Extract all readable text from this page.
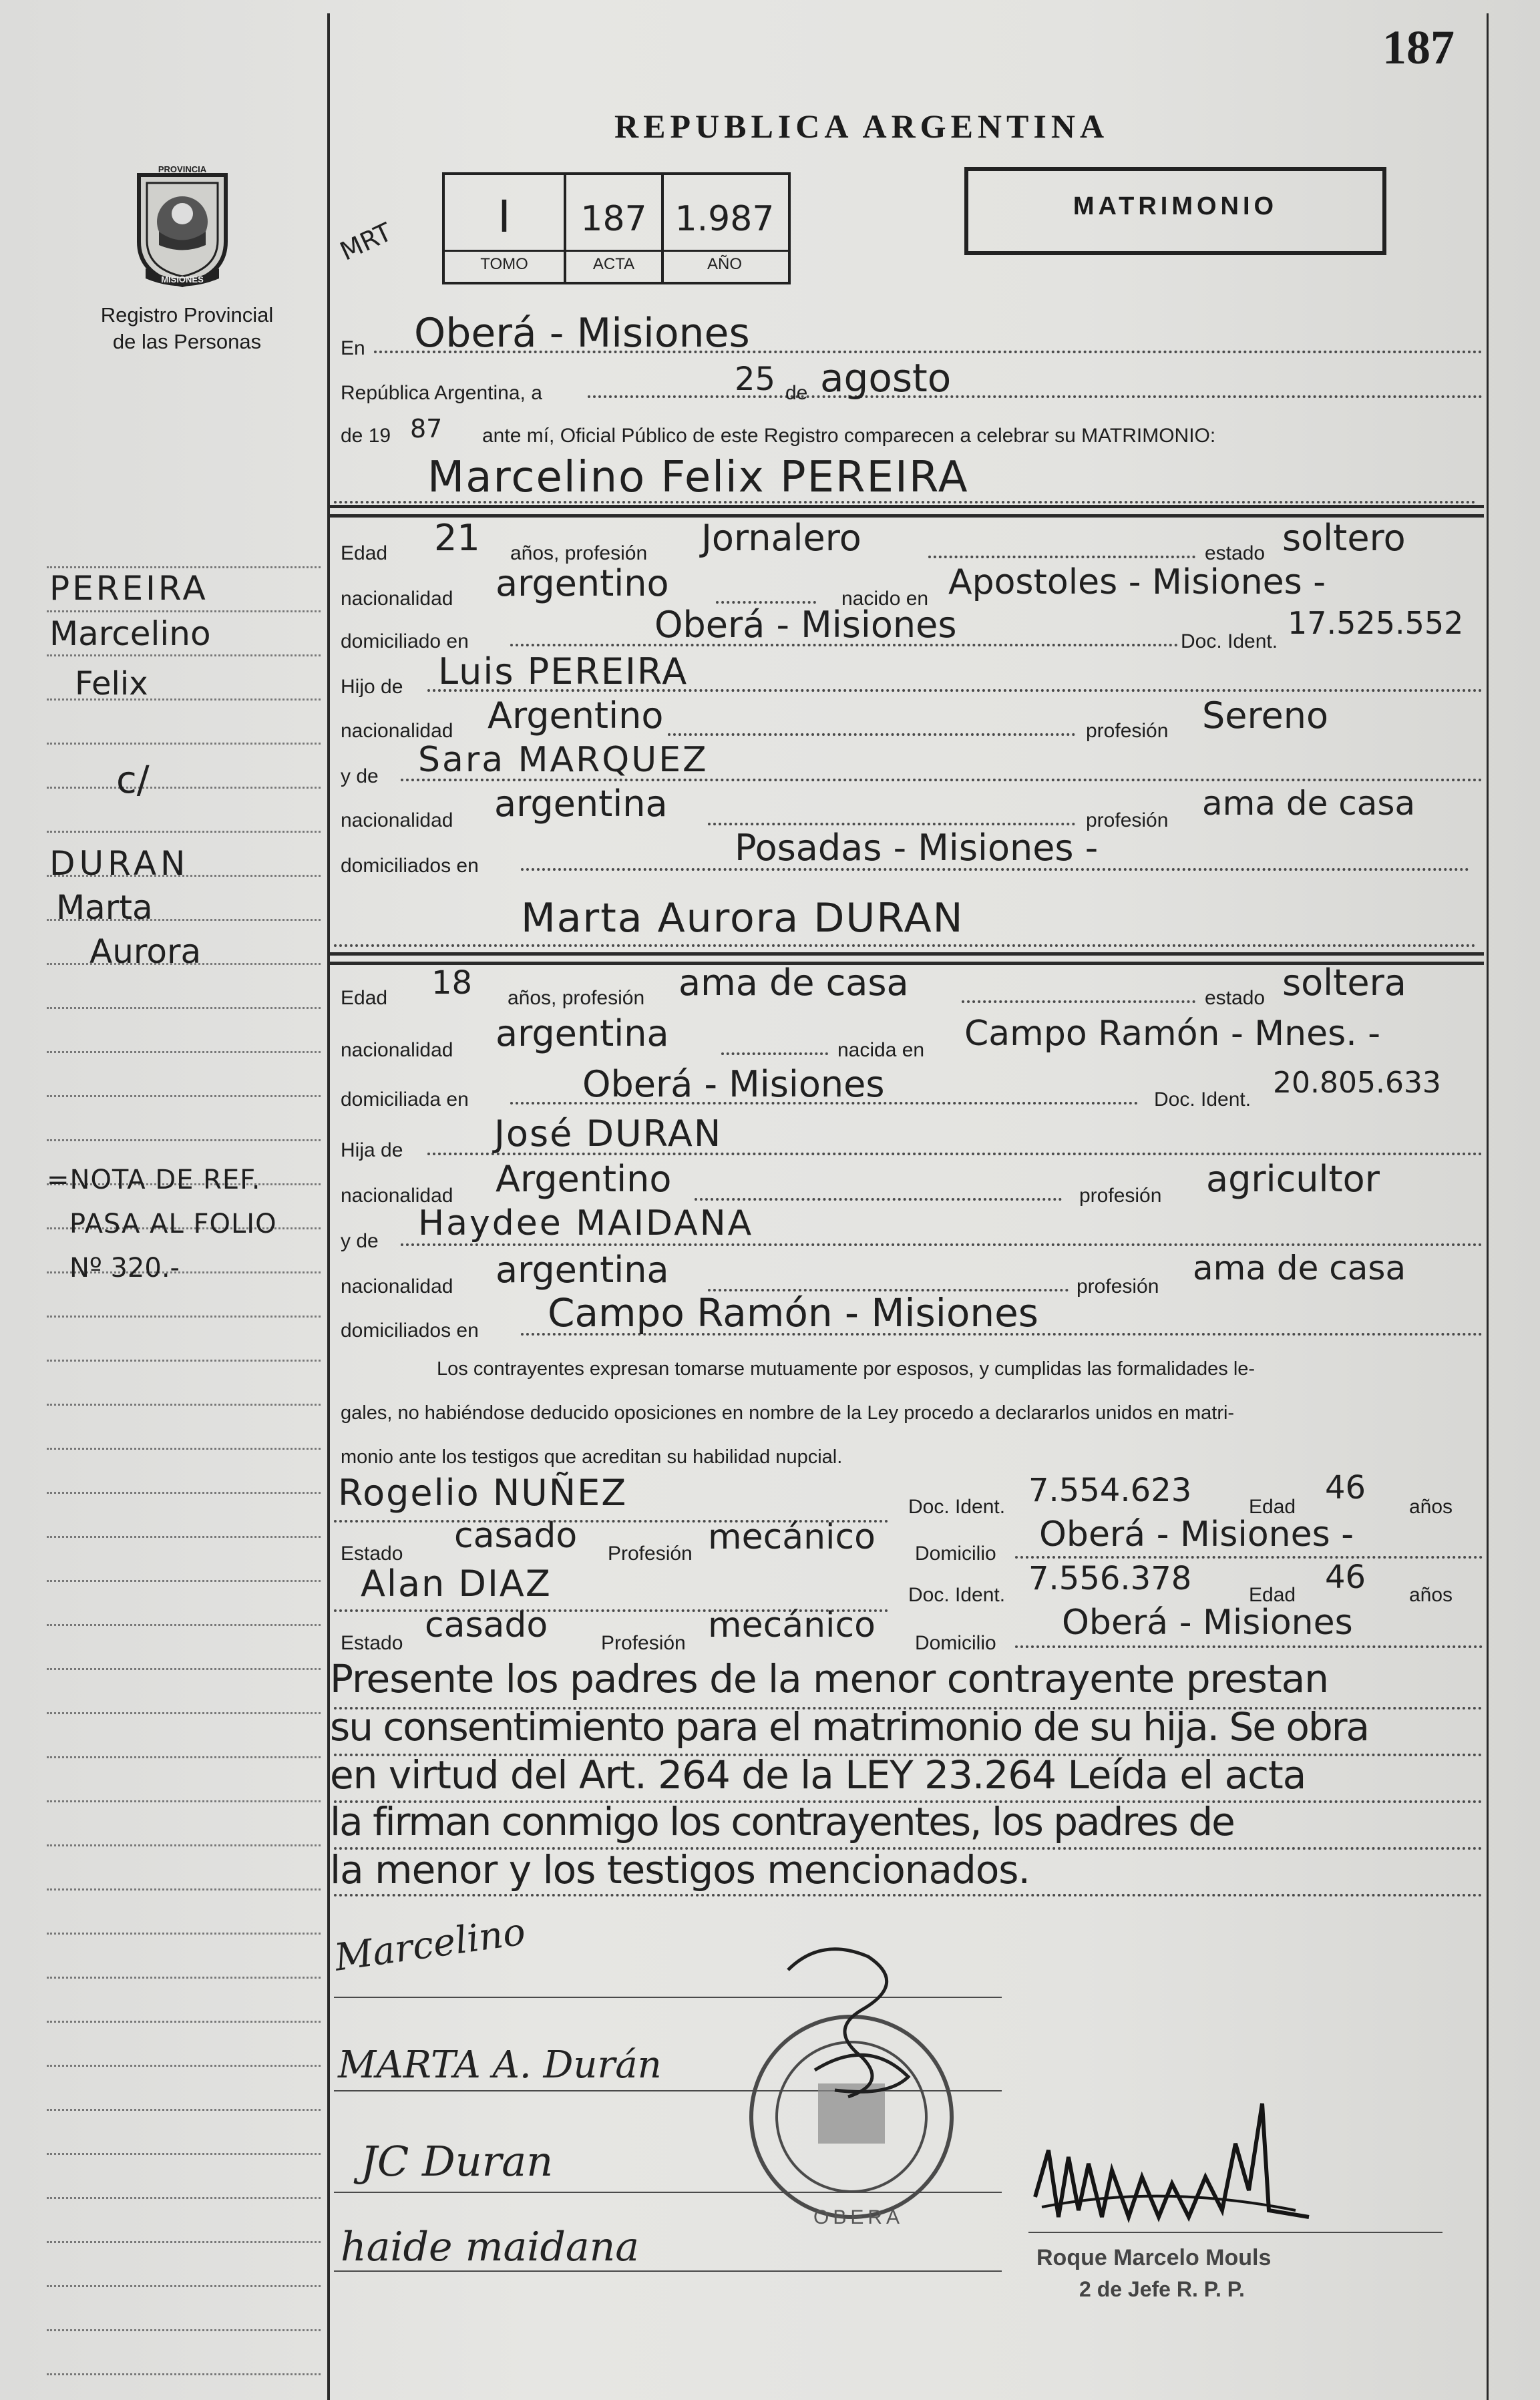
187
REPUBLICA ARGENTINA
PROVINCIA
MISIONES
Registro Provincial
de las Personas
MRT	I	187 1.987
TOMO	ACTA	AÑO
MATRIMONIO
En Oberá - Misiones
República Argentina, a	25 de agosto
de 19 87 ante mí, Oficial Público de este Registro comparecen a celebrar su MATRIMONIO:
Marcelino Felix PEREIRA
Edad 21 años, profesión Jornalero	estado soltero
nacionalidad argentino	nacido en Apostoles - Misiones -
domiciliado en	Oberá - Misiones	Doc. Ident.
17.525.552
Hijo de Luis PEREIRA
nacionalidad Argentino	profesión Sereno
y de Sara MARQUEZ
nacionalidad argentina	profesión ama de casa
domiciliados en	Posadas - Misiones -
Marta Aurora DURAN
Edad 18 años, profesión ama de casa	estado soltera
nacionalidad argentina	nacida en Campo Ramón - Mnes. -
domiciliada en	Oberá - Misiones	Doc. Ident. 20.805.633
Hija de	José DURAN
nacionalidad Argentino	profesión agricultor
y de Haydee MAIDANA
nacionalidad argentina	profesión ama de casa
domiciliados en Campo Ramón - Misiones
Los contrayentes expresan tomarse mutuamente por esposos, y cumplidas las formalidades le-
gales, no habiéndose deducido oposiciones en nombre de la Ley procedo a declararlos unidos en matri-
monio ante los testigos que acreditan su habilidad nupcial.
Rogelio NUÑEZ	Doc. Ident. 7.554.623	Edad
46
años
Estado casado Profesión mecánico Domicilio Oberá - Misiones -
Alan DIAZ	Doc. Ident. 7.556.378	Edad 46 años
Estado casado	Profesión mecánico Domicilio
Oberá - Misiones
Presente los padres de la menor contrayente prestan
su consentimiento para el matrimonio de su hija. Se obra
en virtud del Art. 264 de la LEY 23.264 Leída el acta
la firman conmigo los contrayentes, los padres de
la menor y los testigos mencionados.
Marcelino
MARTA A. Durán
JC Duran
haide maidana
OBERA
Roque Marcelo Mouls
2 de Jefe R. P. P.
PEREIRA
Marcelino
Felix
c/
DURAN
Marta
Aurora
=NOTA DE REF.
PASA AL FOLIO
Nº 320.-
